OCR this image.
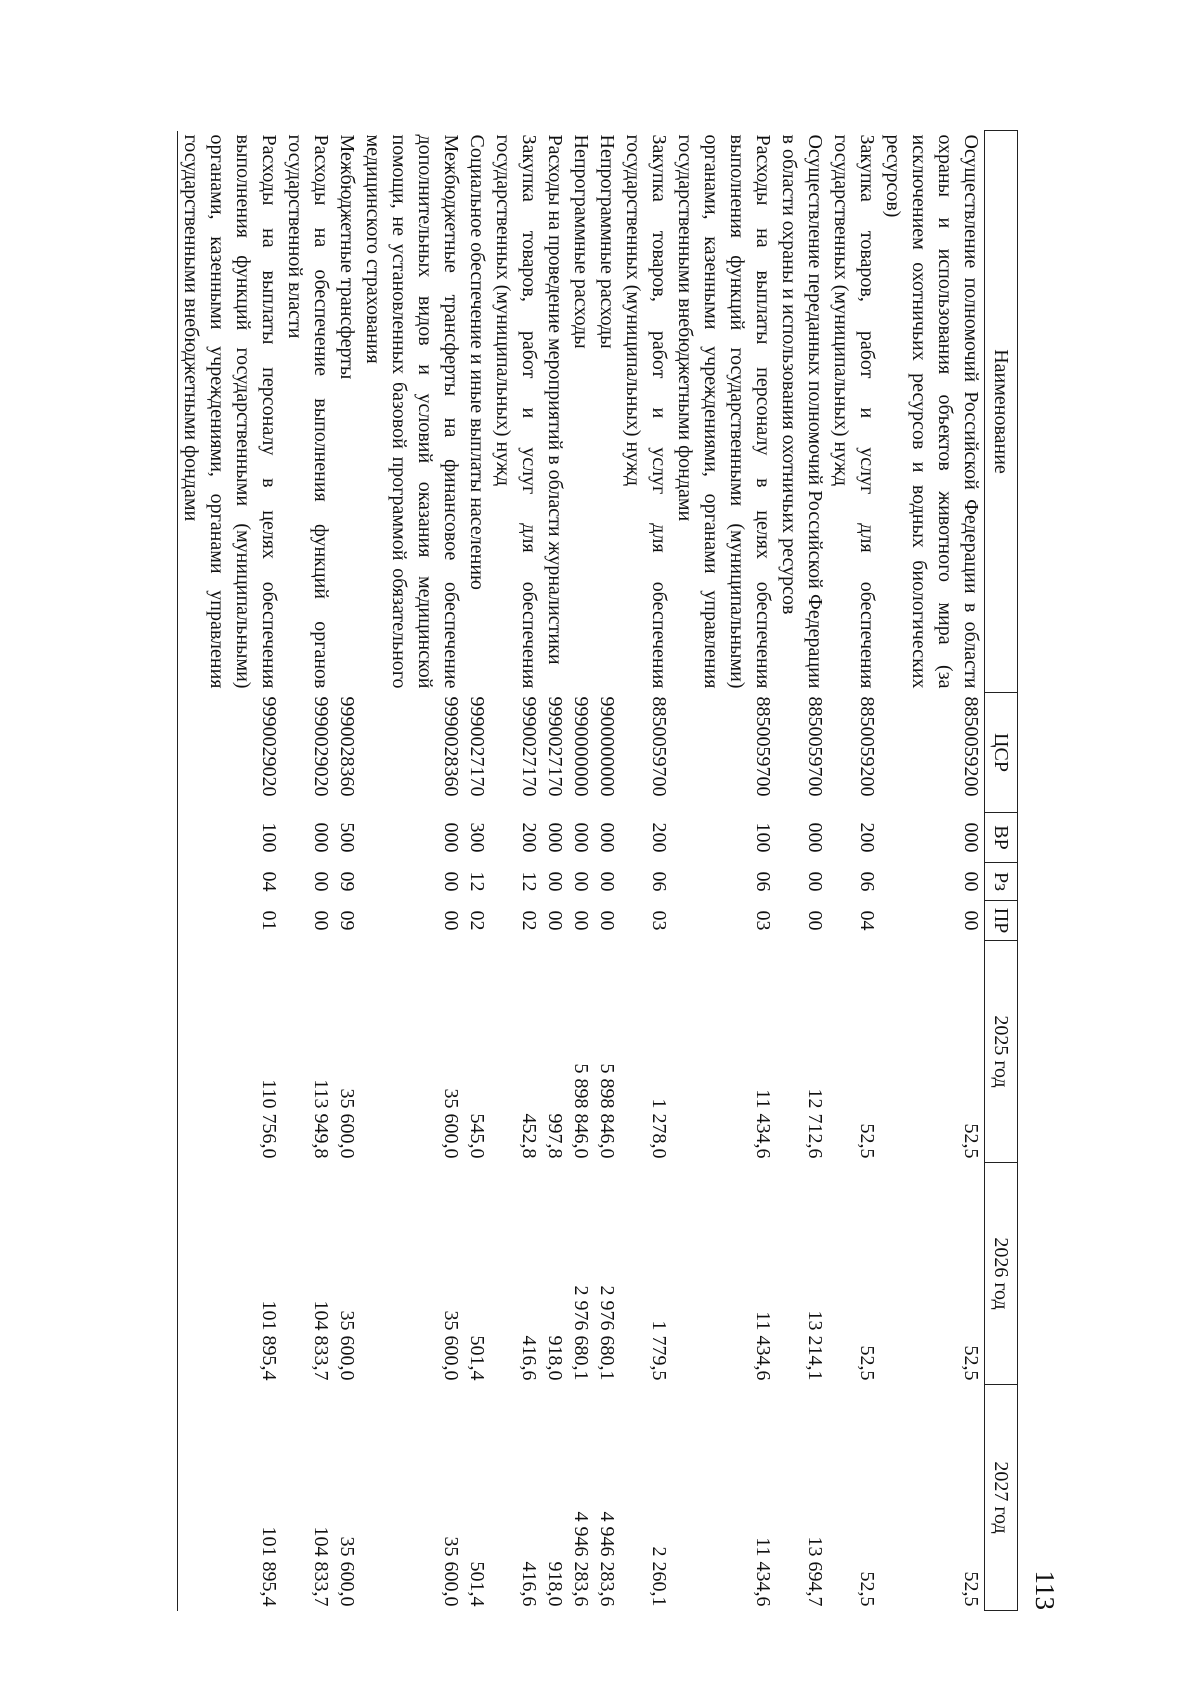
113
Наименование	ЦСР	ВР	Рз	ПР	2025 год	2026 год	2027 год
Осуществление полномочий Российской Федерации в области охраны и использования объектов животного мира (за исключением охотничьих ресурсов и водных биологических ресурсов)	8850059200	000	00	00	52,5	52,5	52,5
Закупка товаров, работ и услуг для обеспечения государственных (муниципальных) нужд	8850059200	200	06	04	52,5	52,5	52,5
Осуществление переданных полномочий Российской Федерации в области охраны и использования охотничьих ресурсов	8850059700	000	00	00	12 712,6	13 214,1	13 694,7
Расходы на выплаты персоналу в целях обеспечения выполнения функций государственными (муниципальными) органами, казенными учреждениями, органами управления государственными внебюджетными фондами	8850059700	100	06	03	11 434,6	11 434,6	11 434,6
Закупка товаров, работ и услуг для обеспечения государственных (муниципальных) нужд	8850059700	200	06	03	1 278,0	1 779,5	2 260,1
Непрограммные расходы	9900000000	000	00	00	5 898 846,0	2 976 680,1	4 946 283,6
Непрограммные расходы	9990000000	000	00	00	5 898 846,0	2 976 680,1	4 946 283,6
Расходы на проведение мероприятий в области журналистики	9990027170	000	00	00	997,8	918,0	918,0
Закупка товаров, работ и услуг для обеспечения государственных (муниципальных) нужд	9990027170	200	12	02	452,8	416,6	416,6
Социальное обеспечение и иные выплаты населению	9990027170	300	12	02	545,0	501,4	501,4
Межбюджетные трансферты на финансовое обеспечение дополнительных видов и условий оказания медицинской помощи, не установленных базовой программой обязательного медицинского страхования	9990028360	000	00	00	35 600,0	35 600,0	35 600,0
Межбюджетные трансферты	9990028360	500	09	09	35 600,0	35 600,0	35 600,0
Расходы на обеспечение выполнения функций органов государственной власти	9990029020	000	00	00	113 949,8	104 833,7	104 833,7
Расходы на выплаты персоналу в целях обеспечения выполнения функций государственными (муниципальными) органами, казенными учреждениями, органами управления государственными внебюджетными фондами	9990029020	100	04	01	110 756,0	101 895,4	101 895,4
